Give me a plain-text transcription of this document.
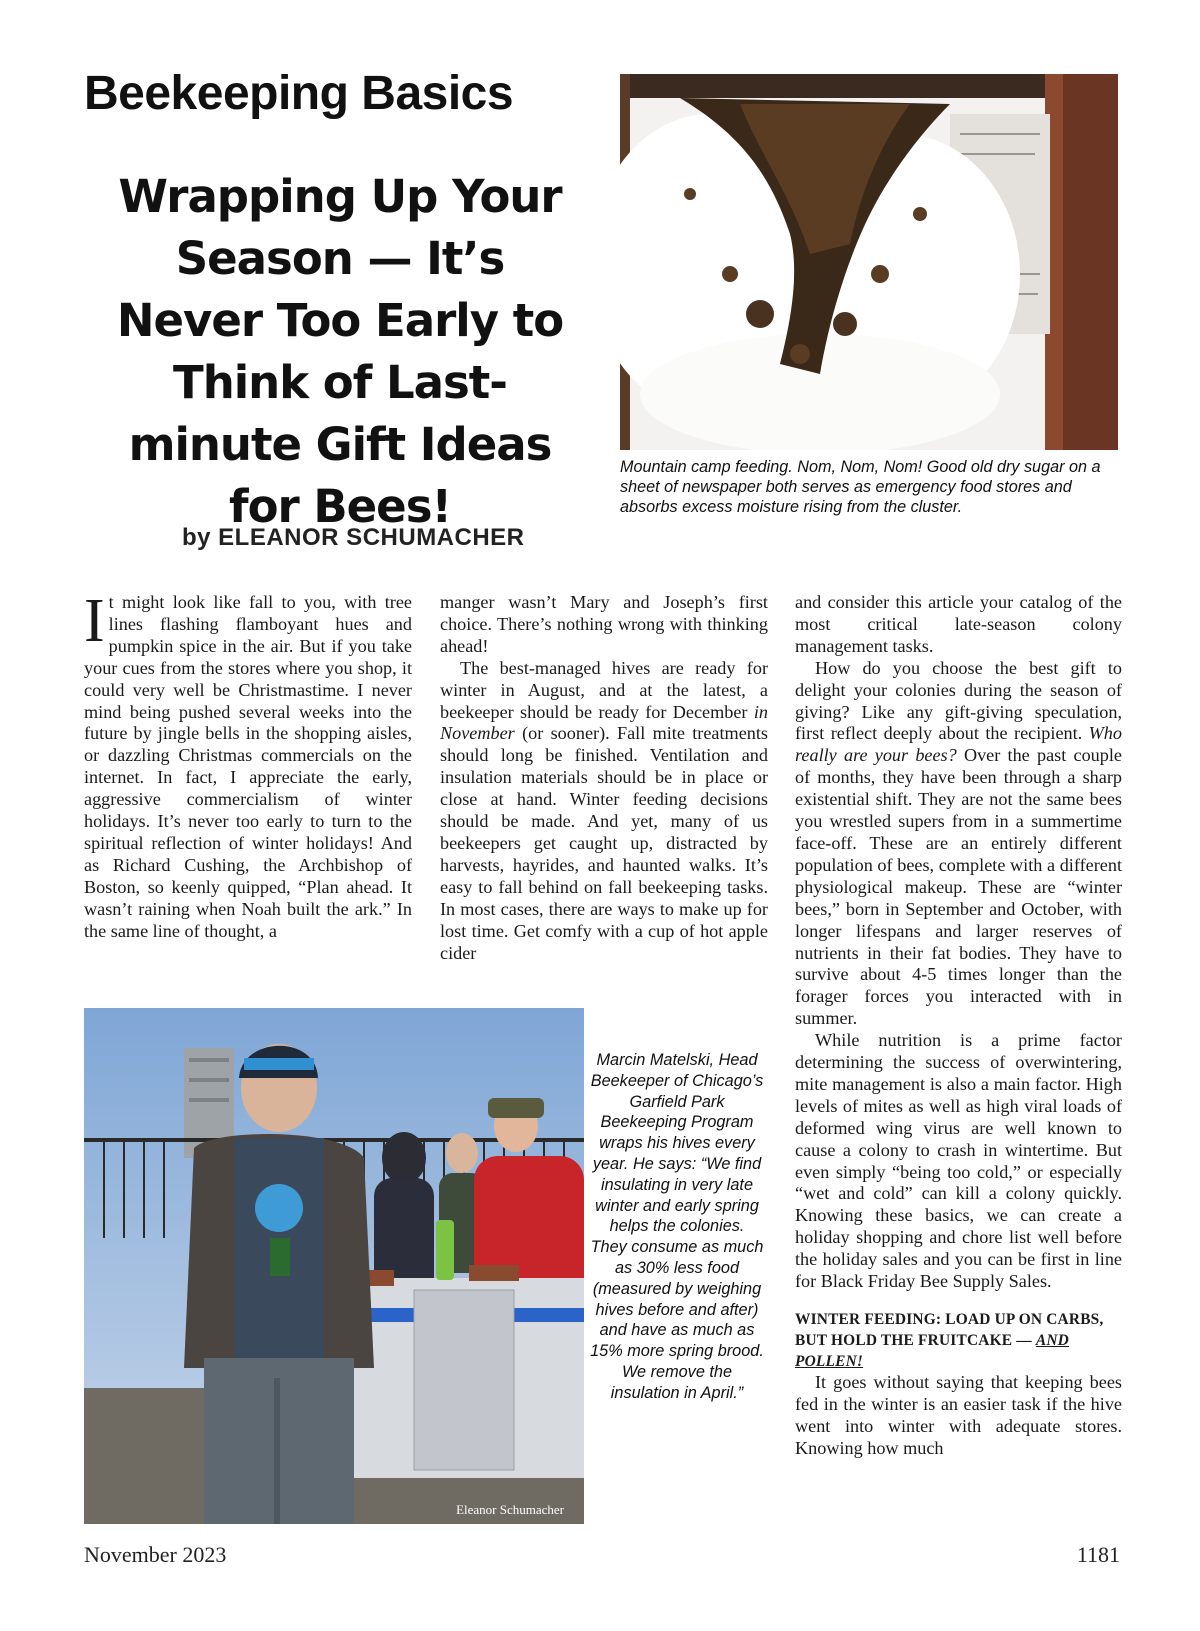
Beekeeping Basics
Wrapping Up Your Season — It’s Never Too Early to Think of Last-minute Gift Ideas for Bees!
by ELEANOR SCHUMACHER
Mountain camp feeding. Nom, Nom, Nom! Good old dry sugar on a sheet of newspaper both serves as emergency food stores and absorbs excess moisture rising from the cluster.
Eleanor Schumacher
Marcin Matelski, Head Beekeeper of Chicago’s Garfield Park Beekeeping Program wraps his hives every year. He says: “We find insulating in very late winter and early spring helps the colonies. They consume as much as 30% less food (measured by weighing hives before and after) and have as much as 15% more spring brood. We remove the insulation in April.”

It might look like fall to you, with tree lines flashing flamboyant hues and pumpkin spice in the air. But if you take your cues from the stores where you shop, it could very well be Christmastime. I never mind being pushed several weeks into the future by jingle bells in the shopping aisles, or dazzling Christmas commercials on the internet. In fact, I appreciate the early, aggressive commercialism of winter holidays. It’s never too early to turn to the spiritual reflection of winter holidays! And as Richard Cushing, the Archbishop of Boston, so keenly quipped, “Plan ahead. It wasn’t raining when Noah built the ark.” In the same line of thought, a

manger wasn’t Mary and Joseph’s first choice. There’s nothing wrong with thinking ahead!

The best-managed hives are ready for winter in August, and at the latest, a beekeeper should be ready for December in November (or sooner). Fall mite treatments should long be finished. Ventilation and insulation materials should be in place or close at hand. Winter feeding decisions should be made. And yet, many of us beekeepers get caught up, distracted by harvests, hayrides, and haunted walks. It’s easy to fall behind on fall beekeeping tasks. In most cases, there are ways to make up for lost time. Get comfy with a cup of hot apple cider

and consider this article your catalog of the most critical late-season colony management tasks.

How do you choose the best gift to delight your colonies during the season of giving? Like any gift-giving speculation, first reflect deeply about the recipient. Who really are your bees? Over the past couple of months, they have been through a sharp existential shift. They are not the same bees you wrestled supers from in a summertime face-off. These are an entirely different population of bees, complete with a different physiological makeup. These are “winter bees,” born in September and October, with longer lifespans and larger reserves of nutrients in their fat bodies. They have to survive about 4-5 times longer than the forager forces you interacted with in summer.

While nutrition is a prime factor determining the success of overwintering, mite management is also a main factor. High levels of mites as well as high viral loads of deformed wing virus are well known to cause a colony to crash in wintertime. But even simply “being too cold,” or especially “wet and cold” can kill a colony quickly. Knowing these basics, we can create a holiday shopping and chore list well before the holiday sales and you can be first in line for Black Friday Bee Supply Sales.

WINTER FEEDING: LOAD UP ON CARBS, BUT HOLD THE FRUITCAKE — AND POLLEN!

It goes without saying that keeping bees fed in the winter is an easier task if the hive went into winter with adequate stores. Knowing how much

November 2023	1181
